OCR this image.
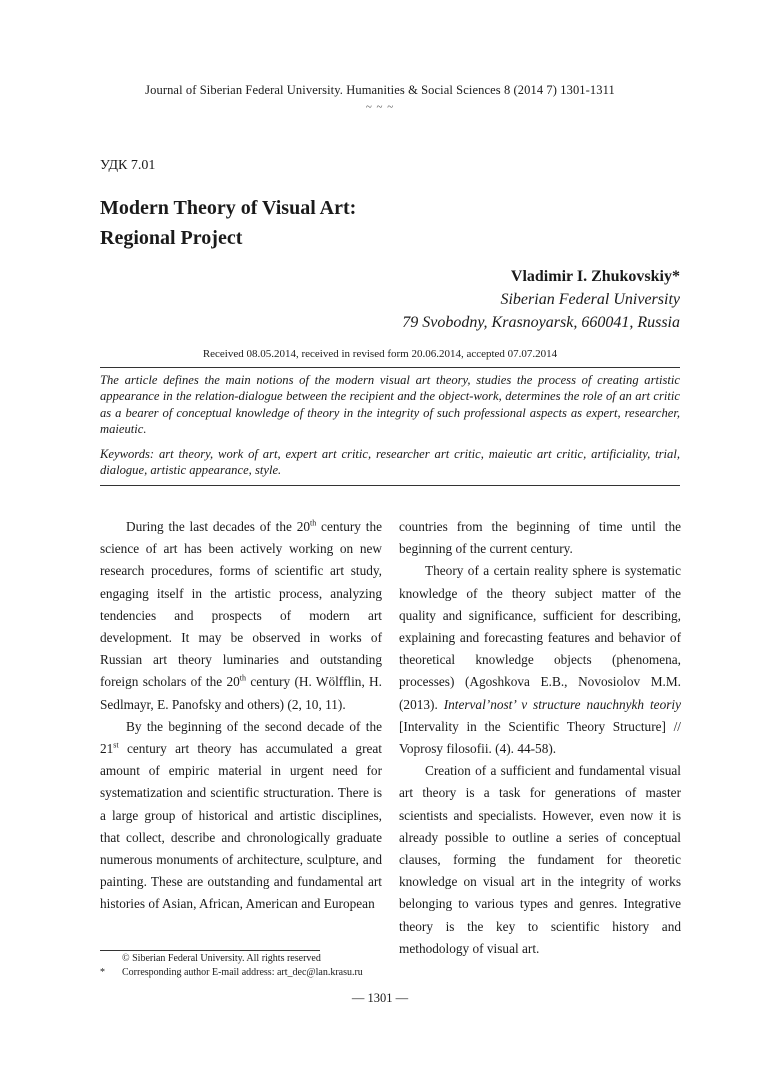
Journal of Siberian Federal University. Humanities & Social Sciences 8 (2014 7) 1301-1311
~ ~ ~
УДК 7.01
Modern Theory of Visual Art:
Regional Project
Vladimir I. Zhukovskiy*
Siberian Federal University
79 Svobodny, Krasnoyarsk, 660041, Russia
Received 08.05.2014, received in revised form 20.06.2014, accepted 07.07.2014
The article defines the main notions of the modern visual art theory, studies the process of creating artistic appearance in the relation-dialogue between the recipient and the object-work, determines the role of an art critic as a bearer of conceptual knowledge of theory in the integrity of such professional aspects as expert, researcher, maieutic.
Keywords: art theory, work of art, expert art critic, researcher art critic, maieutic art critic, artificiality, trial, dialogue, artistic appearance, style.

During the last decades of the 20th century the science of art has been actively working on new research procedures, forms of scientific art study, engaging itself in the artistic process, analyzing tendencies and prospects of modern art development. It may be observed in works of Russian art theory luminaries and outstanding foreign scholars of the 20th century (H. Wölfflin, H. Sedlmayr, E. Panofsky and others) (2, 10, 11).

By the beginning of the second decade of the 21st century art theory has accumulated a great amount of empiric material in urgent need for systematization and scientific structuration. There is a large group of historical and artistic disciplines, that collect, describe and chronologically graduate numerous monuments of architecture, sculpture, and painting. These are outstanding and fundamental art histories of Asian, African, American and European

countries from the beginning of time until the beginning of the current century.

Theory of a certain reality sphere is systematic knowledge of the theory subject matter of the quality and significance, sufficient for describing, explaining and forecasting features and behavior of theoretical knowledge objects (phenomena, processes) (Agoshkova E.B., Novosiolov M.M. (2013). Interval’nost’ v structure nauchnykh teoriy [Intervality in the Scientific Theory Structure] // Voprosy filosofii. (4). 44-58).

Creation of a sufficient and fundamental visual art theory is a task for generations of master scientists and specialists. However, even now it is already possible to outline a series of conceptual clauses, forming the fundament for theoretic knowledge on visual art in the integrity of works belonging to various types and genres. Integrative theory is the key to scientific history and methodology of visual art.

© Siberian Federal University. All rights reserved
* Corresponding author E-mail address: art_dec@lan.krasu.ru
― 1301 ―
